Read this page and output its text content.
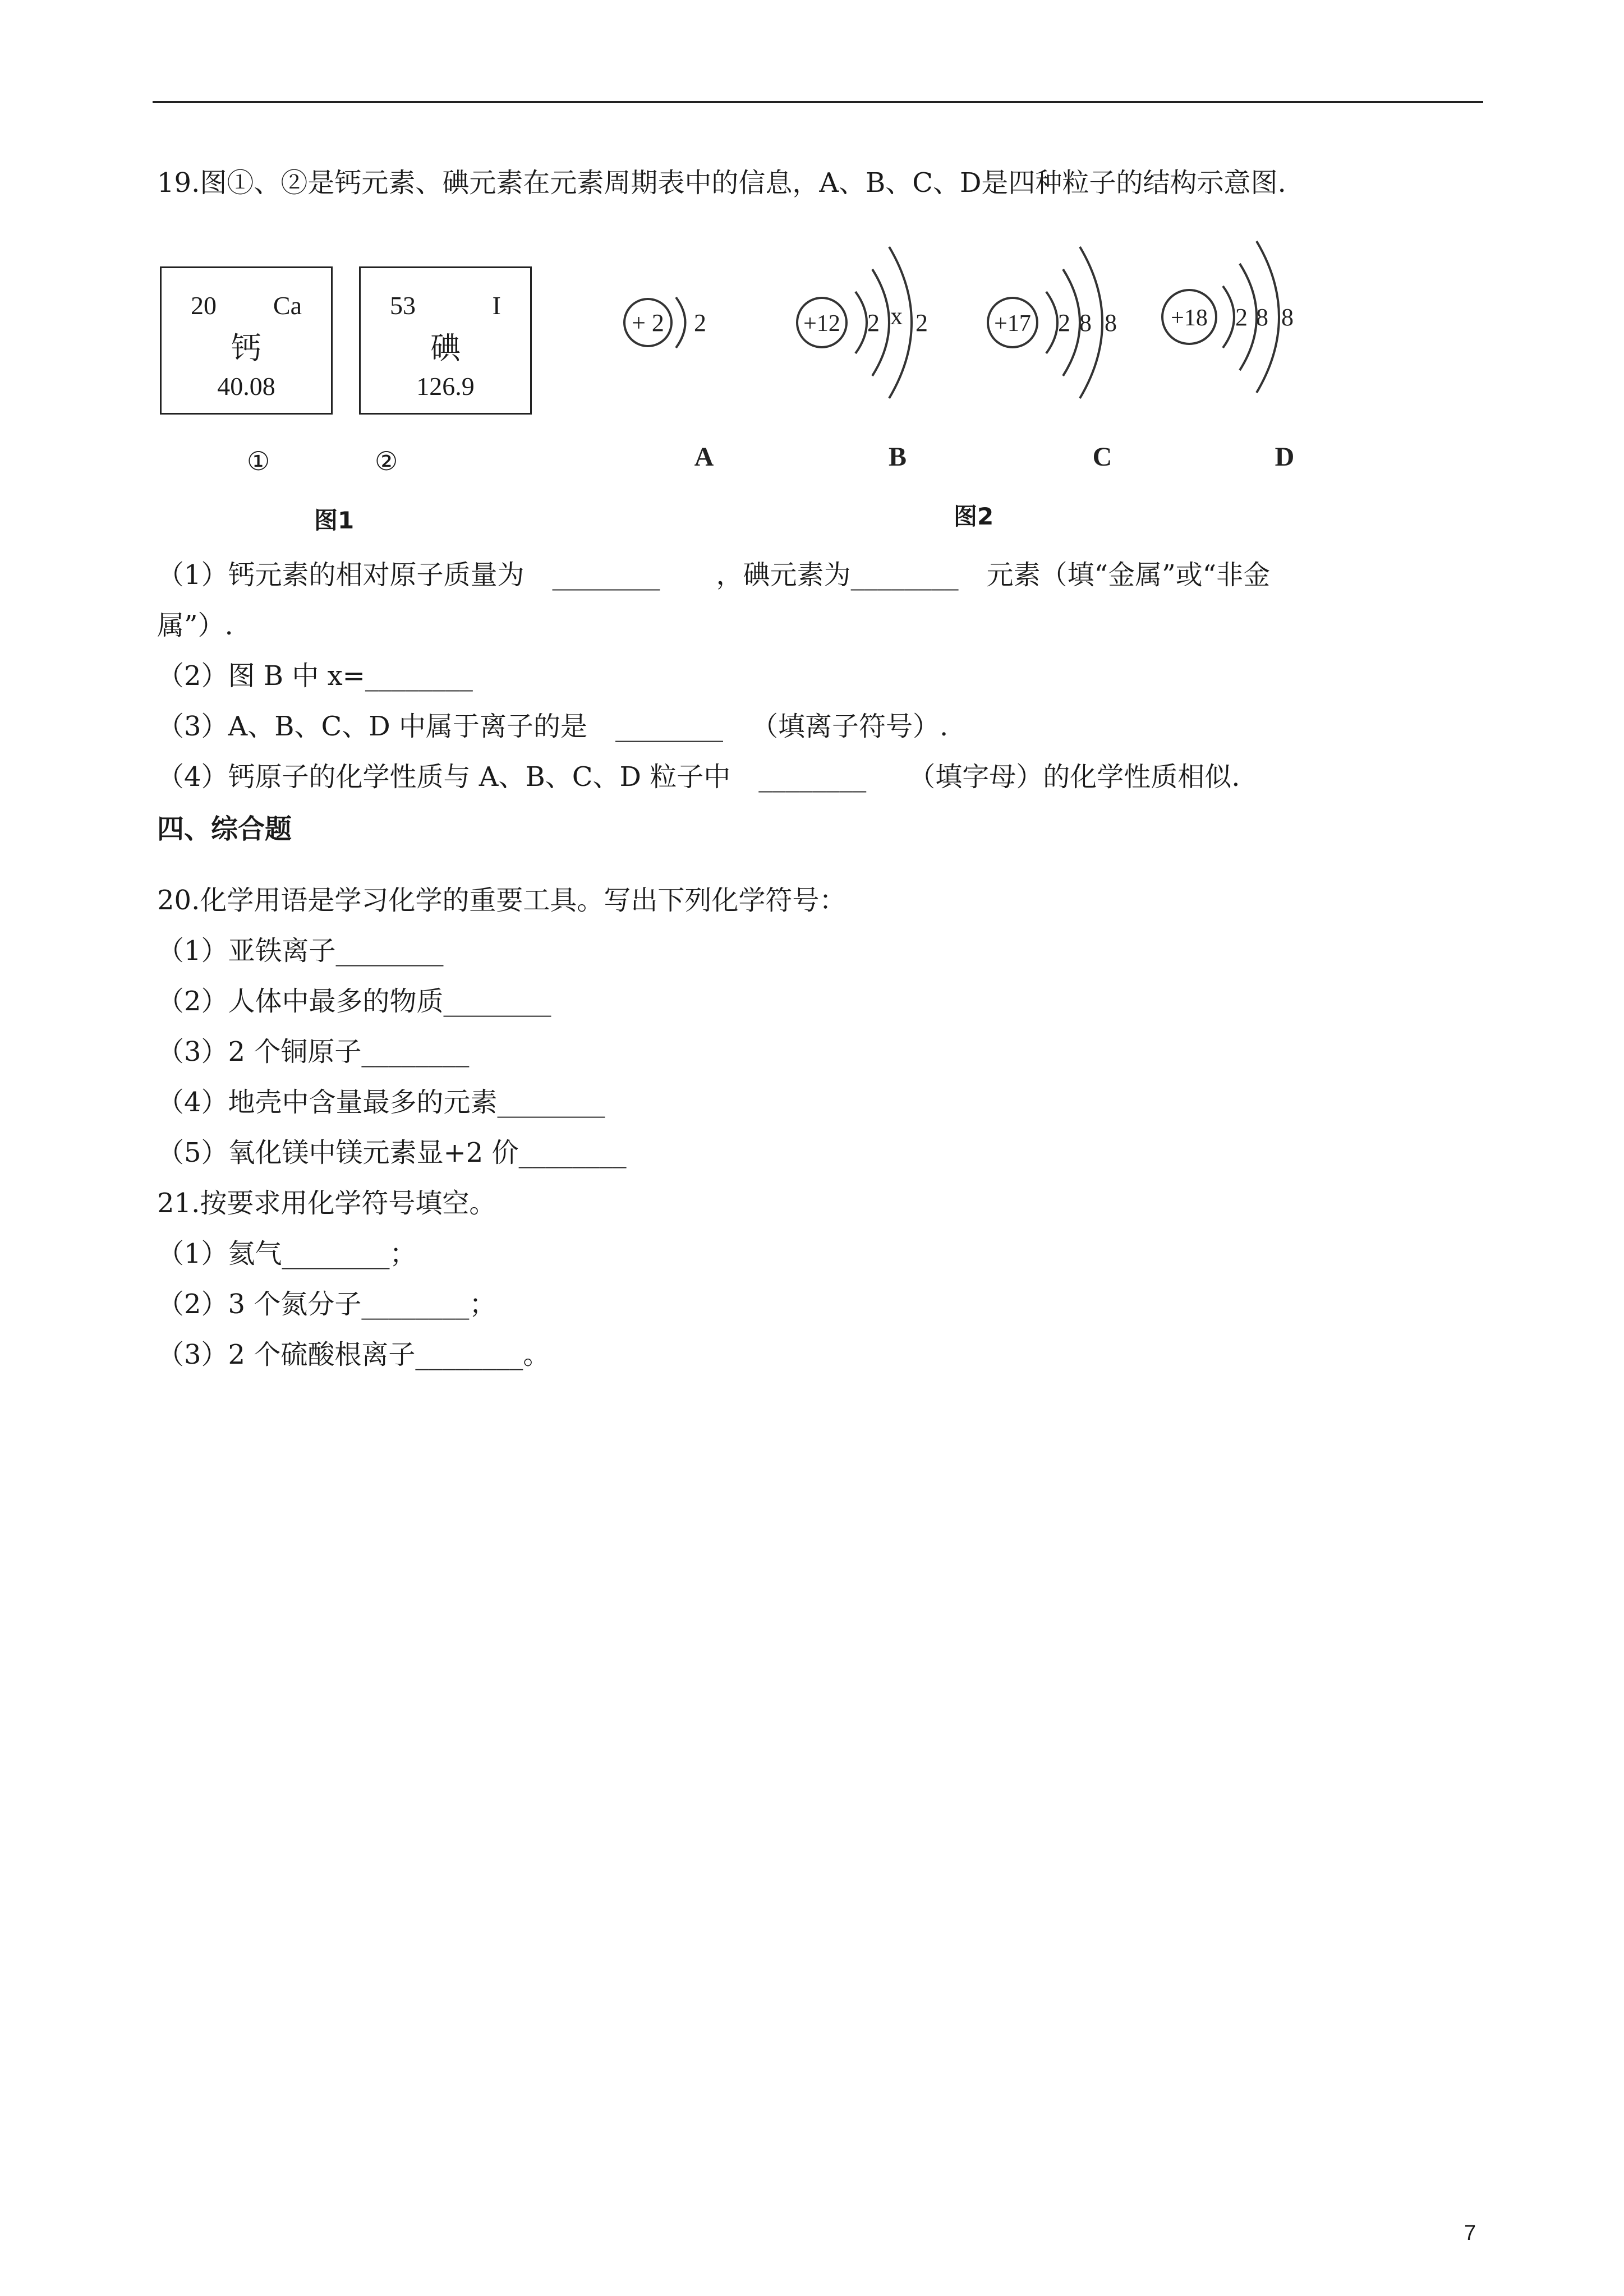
19.图①、②是钙元素、碘元素在元素周期表中的信息，A、B、C、D是四种粒子的结构示意图.
20 Ca
钙
40.08
53	I
碘
126.9
①	②
图1
+ 2 2	+12 2 x 2	+17 2 8 8 +18 2 8 8
A	B	C	D
图2
（1）钙元素的相对原子质量为 ________ ，碘元素为________ 元素（填“金属”或“非金
属”）.
（2）图 B 中 x=________
（3）A、B、C、D 中属于离子的是 ________ （填离子符号）.
（4）钙原子的化学性质与 A、B、C、D 粒子中 ________ （填字母）的化学性质相似.
四、综合题
20.化学用语是学习化学的重要工具。写出下列化学符号：
（1）亚铁离子________
（2）人体中最多的物质________
（3）2 个铜原子________
（4）地壳中含量最多的元素________
（5）氧化镁中镁元素显+2 价________
21.按要求用化学符号填空。
（1）氦气________；
（2）3 个氮分子________；
（3）2 个硫酸根离子________。
7
